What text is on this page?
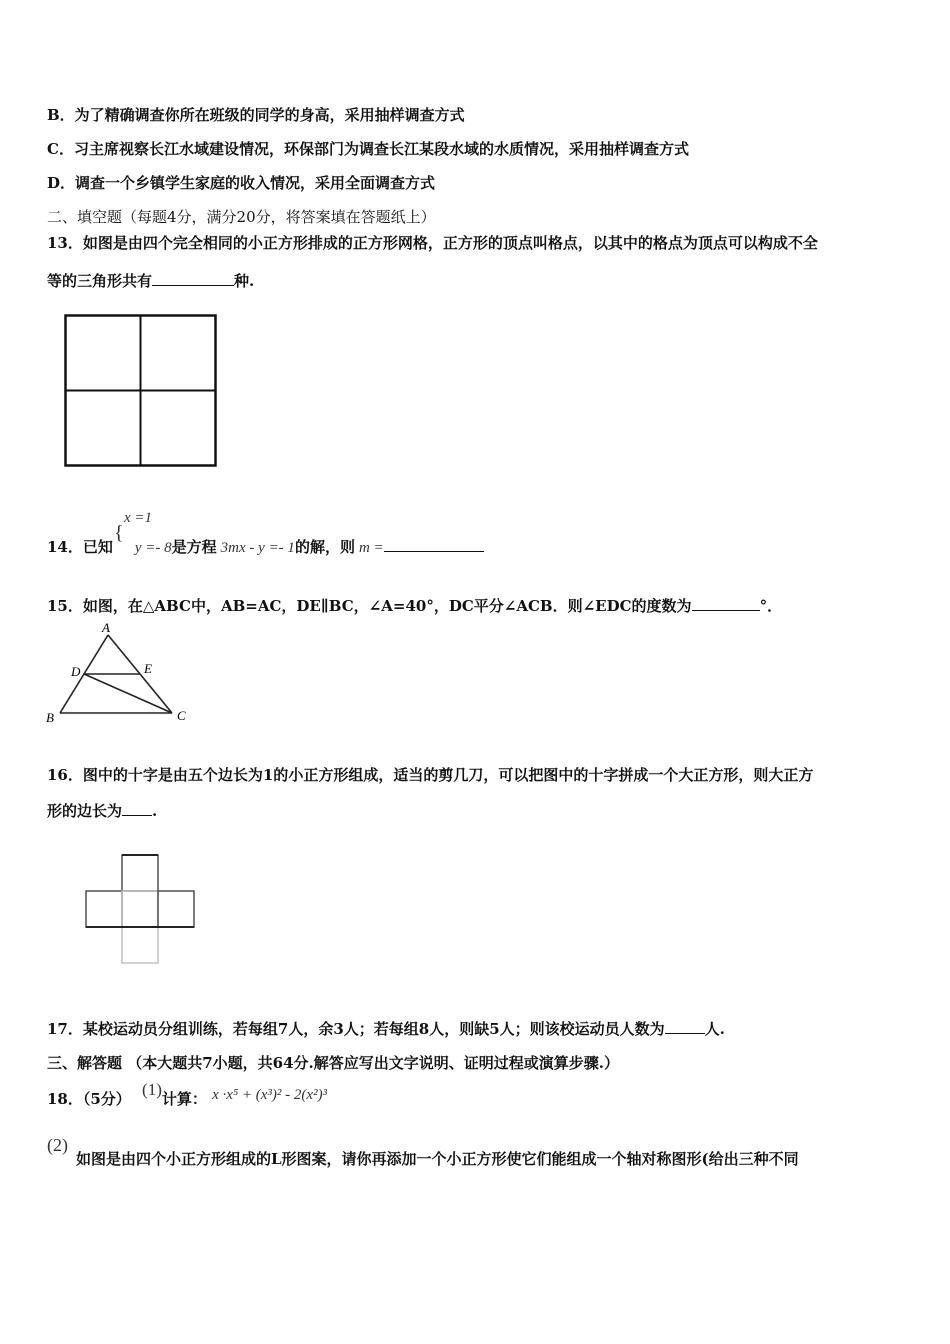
B．为了精确调查你所在班级的同学的身高，采用抽样调查方式
C．习主席视察长江水域建设情况，环保部门为调查长江某段水域的水质情况，采用抽样调查方式
D．调查一个乡镇学生家庭的收入情况，采用全面调查方式
二、填空题（每题4分，满分20分，将答案填在答题纸上）
13．如图是由四个完全相同的小正方形排成的正方形网格，正方形的顶点叫格点，以其中的格点为顶点可以构成不全
等的三角形共有	种.
x =1
{
14．已知 y =- 8是方程 3mx - y =- 1的解，则 m =
15．如图，在△ABC中，AB=AC，DE∥BC，∠A=40°，DC平分∠ACB．则∠EDC的度数为	°．
A
D	E
B	C
16．图中的十字是由五个边长为1的小正方形组成，适当的剪几刀，可以把图中的十字拼成一个大正方形，则大正方
形的边长为 .
17．某校运动员分组训练，若每组7人，余3人；若每组8人，则缺5人；则该校运动员人数为	人.
三、解答题 （本大题共7小题，共64分.解答应写出文字说明、证明过程或演算步骤.）
18．（5分） (1)计算： x ·x⁵ + (x³)² - 2(x²)³
(2)
如图是由四个小正方形组成的L形图案，请你再添加一个小正方形使它们能组成一个轴对称图形(给出三种不同
